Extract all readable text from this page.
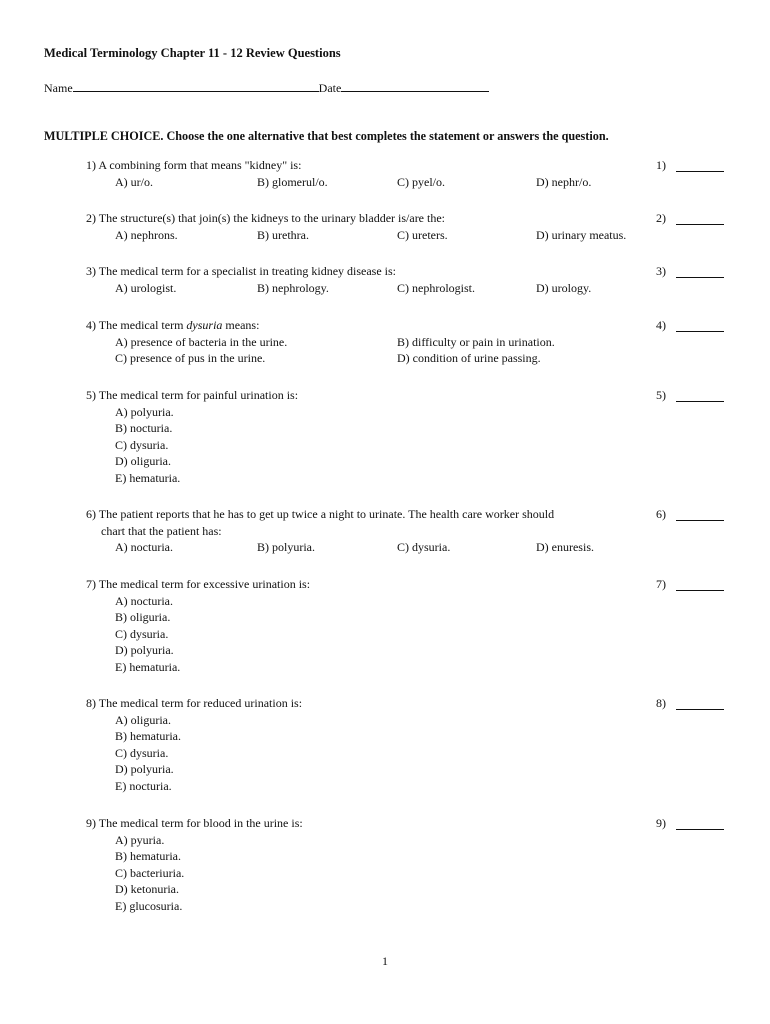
Medical Terminology Chapter 11 - 12 Review Questions
Name	Date
MULTIPLE CHOICE. Choose the one alternative that best completes the statement or answers the question.
1) A combining form that means "kidney" is:	1)
A) ur/o.	B) glomerul/o.	C) pyel/o.	D) nephr/o.
2) The structure(s) that join(s) the kidneys to the urinary bladder is/are the:	2)
A) nephrons.	B) urethra.	C) ureters.	D) urinary meatus.
3) The medical term for a specialist in treating kidney disease is:	3)
A) urologist.	B) nephrology.	C) nephrologist.	D) urology.
4) The medical term dysuria means:	4)
A) presence of bacteria in the urine.	B) difficulty or pain in urination.
C) presence of pus in the urine.	D) condition of urine passing.
5) The medical term for painful urination is:	5)
A) polyuria.
B) nocturia.
C) dysuria.
D) oliguria.
E) hematuria.
6) The patient reports that he has to get up twice a night to urinate. The health care worker should
chart that the patient has:
6)
A) nocturia.	B) polyuria.	C) dysuria.	D) enuresis.
7) The medical term for excessive urination is:	7)
A) nocturia.
B) oliguria.
C) dysuria.
D) polyuria.
E) hematuria.
8) The medical term for reduced urination is:	8)
A) oliguria.
B) hematuria.
C) dysuria.
D) polyuria.
E) nocturia.
9) The medical term for blood in the urine is:	9)
A) pyuria.
B) hematuria.
C) bacteriuria.
D) ketonuria.
E) glucosuria.
1
